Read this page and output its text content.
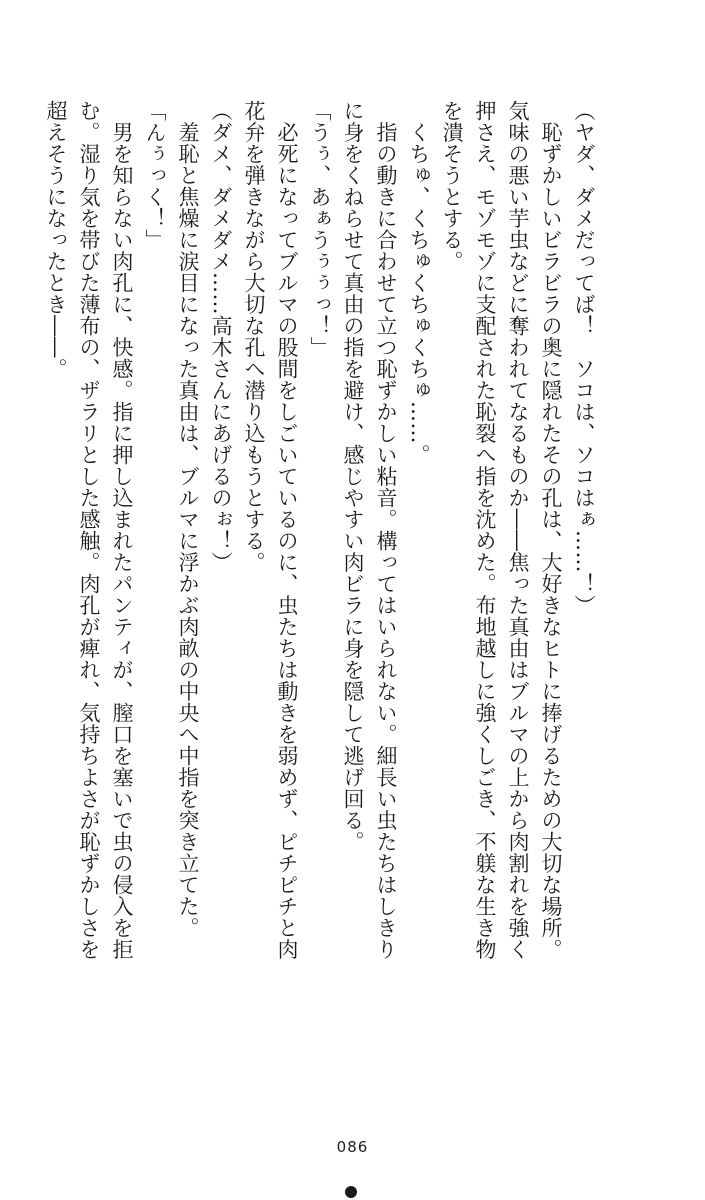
（ヤダ、ダメだってば！　ソコは、ソコはぁ……！）

　恥ずかしいビラビラの奥に隠れたその孔は、大好きなヒトに捧げるための大切な場所。

気味の悪い芋虫などに奪われてなるものか――焦った真由はブルマの上から肉割れを強く

押さえ、モゾモゾに支配された恥裂へ指を沈めた。布地越しに強くしごき、不躾な生き物

を潰そうとする。

　くちゅ、くちゅくちゅくちゅ……。

　指の動きに合わせて立つ恥ずかしい粘音。構ってはいられない。細長い虫たちはしきり

に身をくねらせて真由の指を避け、感じやすい肉ビラに身を隠して逃げ回る。

「うぅ、あぁうぅぅっ！」

　必死になってブルマの股間をしごいているのに、虫たちは動きを弱めず、ピチピチと肉

花弁を弾きながら大切な孔へ潜り込もうとする。

（ダメ、ダメダメ……高木さんにあげるのぉ！）

　羞恥と焦燥に涙目になった真由は、ブルマに浮かぶ肉畝の中央へ中指を突き立てた。

「んぅっく！」

　男を知らない肉孔に、快感。指に押し込まれたパンティが、膣口を塞いで虫の侵入を拒

む。湿り気を帯びた薄布の、ザラリとした感触。肉孔が痺れ、気持ちよさが恥ずかしさを

超えそうになったとき――。

086
